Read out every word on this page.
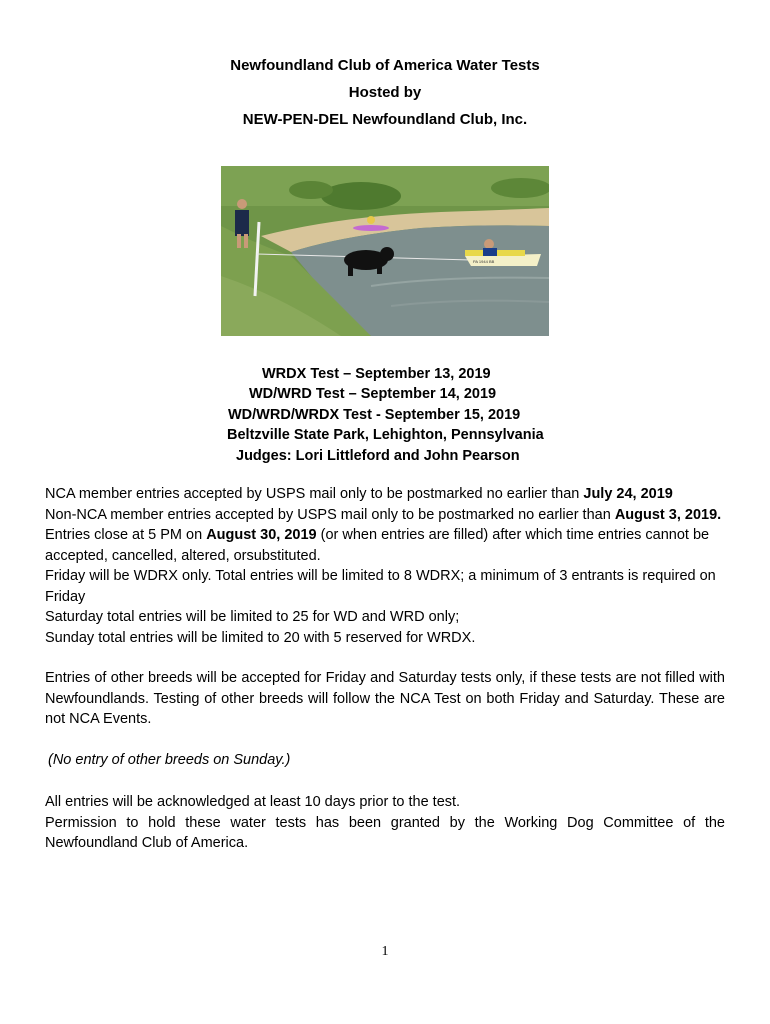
Newfoundland Club of America Water Tests
Hosted by
NEW-PEN-DEL Newfoundland Club, Inc.
PA 1944 BB
WRDX Test – September 13, 2019
WD/WRD Test – September 14, 2019
WD/WRD/WRDX Test - September 15, 2019
Beltzville State Park, Lehighton, Pennsylvania
Judges: Lori Littleford and John Pearson

NCA member entries accepted by USPS mail only to be postmarked no earlier than July 24, 2019

Non-NCA member entries accepted by USPS mail only to be postmarked no earlier than August 3, 2019.

Entries close at 5 PM on August 30, 2019 (or when entries are filled) after which time entries cannot be accepted, cancelled, altered, orsubstituted.

Friday will be WDRX only. Total entries will be limited to 8 WDRX; a minimum of 3 entrants is required on Friday

Saturday total entries will be limited to 25 for WD and WRD only;

Sunday total entries will be limited to 20 with 5 reserved for WRDX.

Entries of other breeds will be accepted for Friday and Saturday tests only, if these tests are not filled with Newfoundlands. Testing of other breeds will follow the NCA Test on both Friday and Saturday. These are not NCA Events.
(No entry of other breeds on Sunday.)

All entries will be acknowledged at least 10 days prior to the test.

Permission to hold these water tests has been granted by the Working Dog Committee of the Newfoundland Club of America.

1
